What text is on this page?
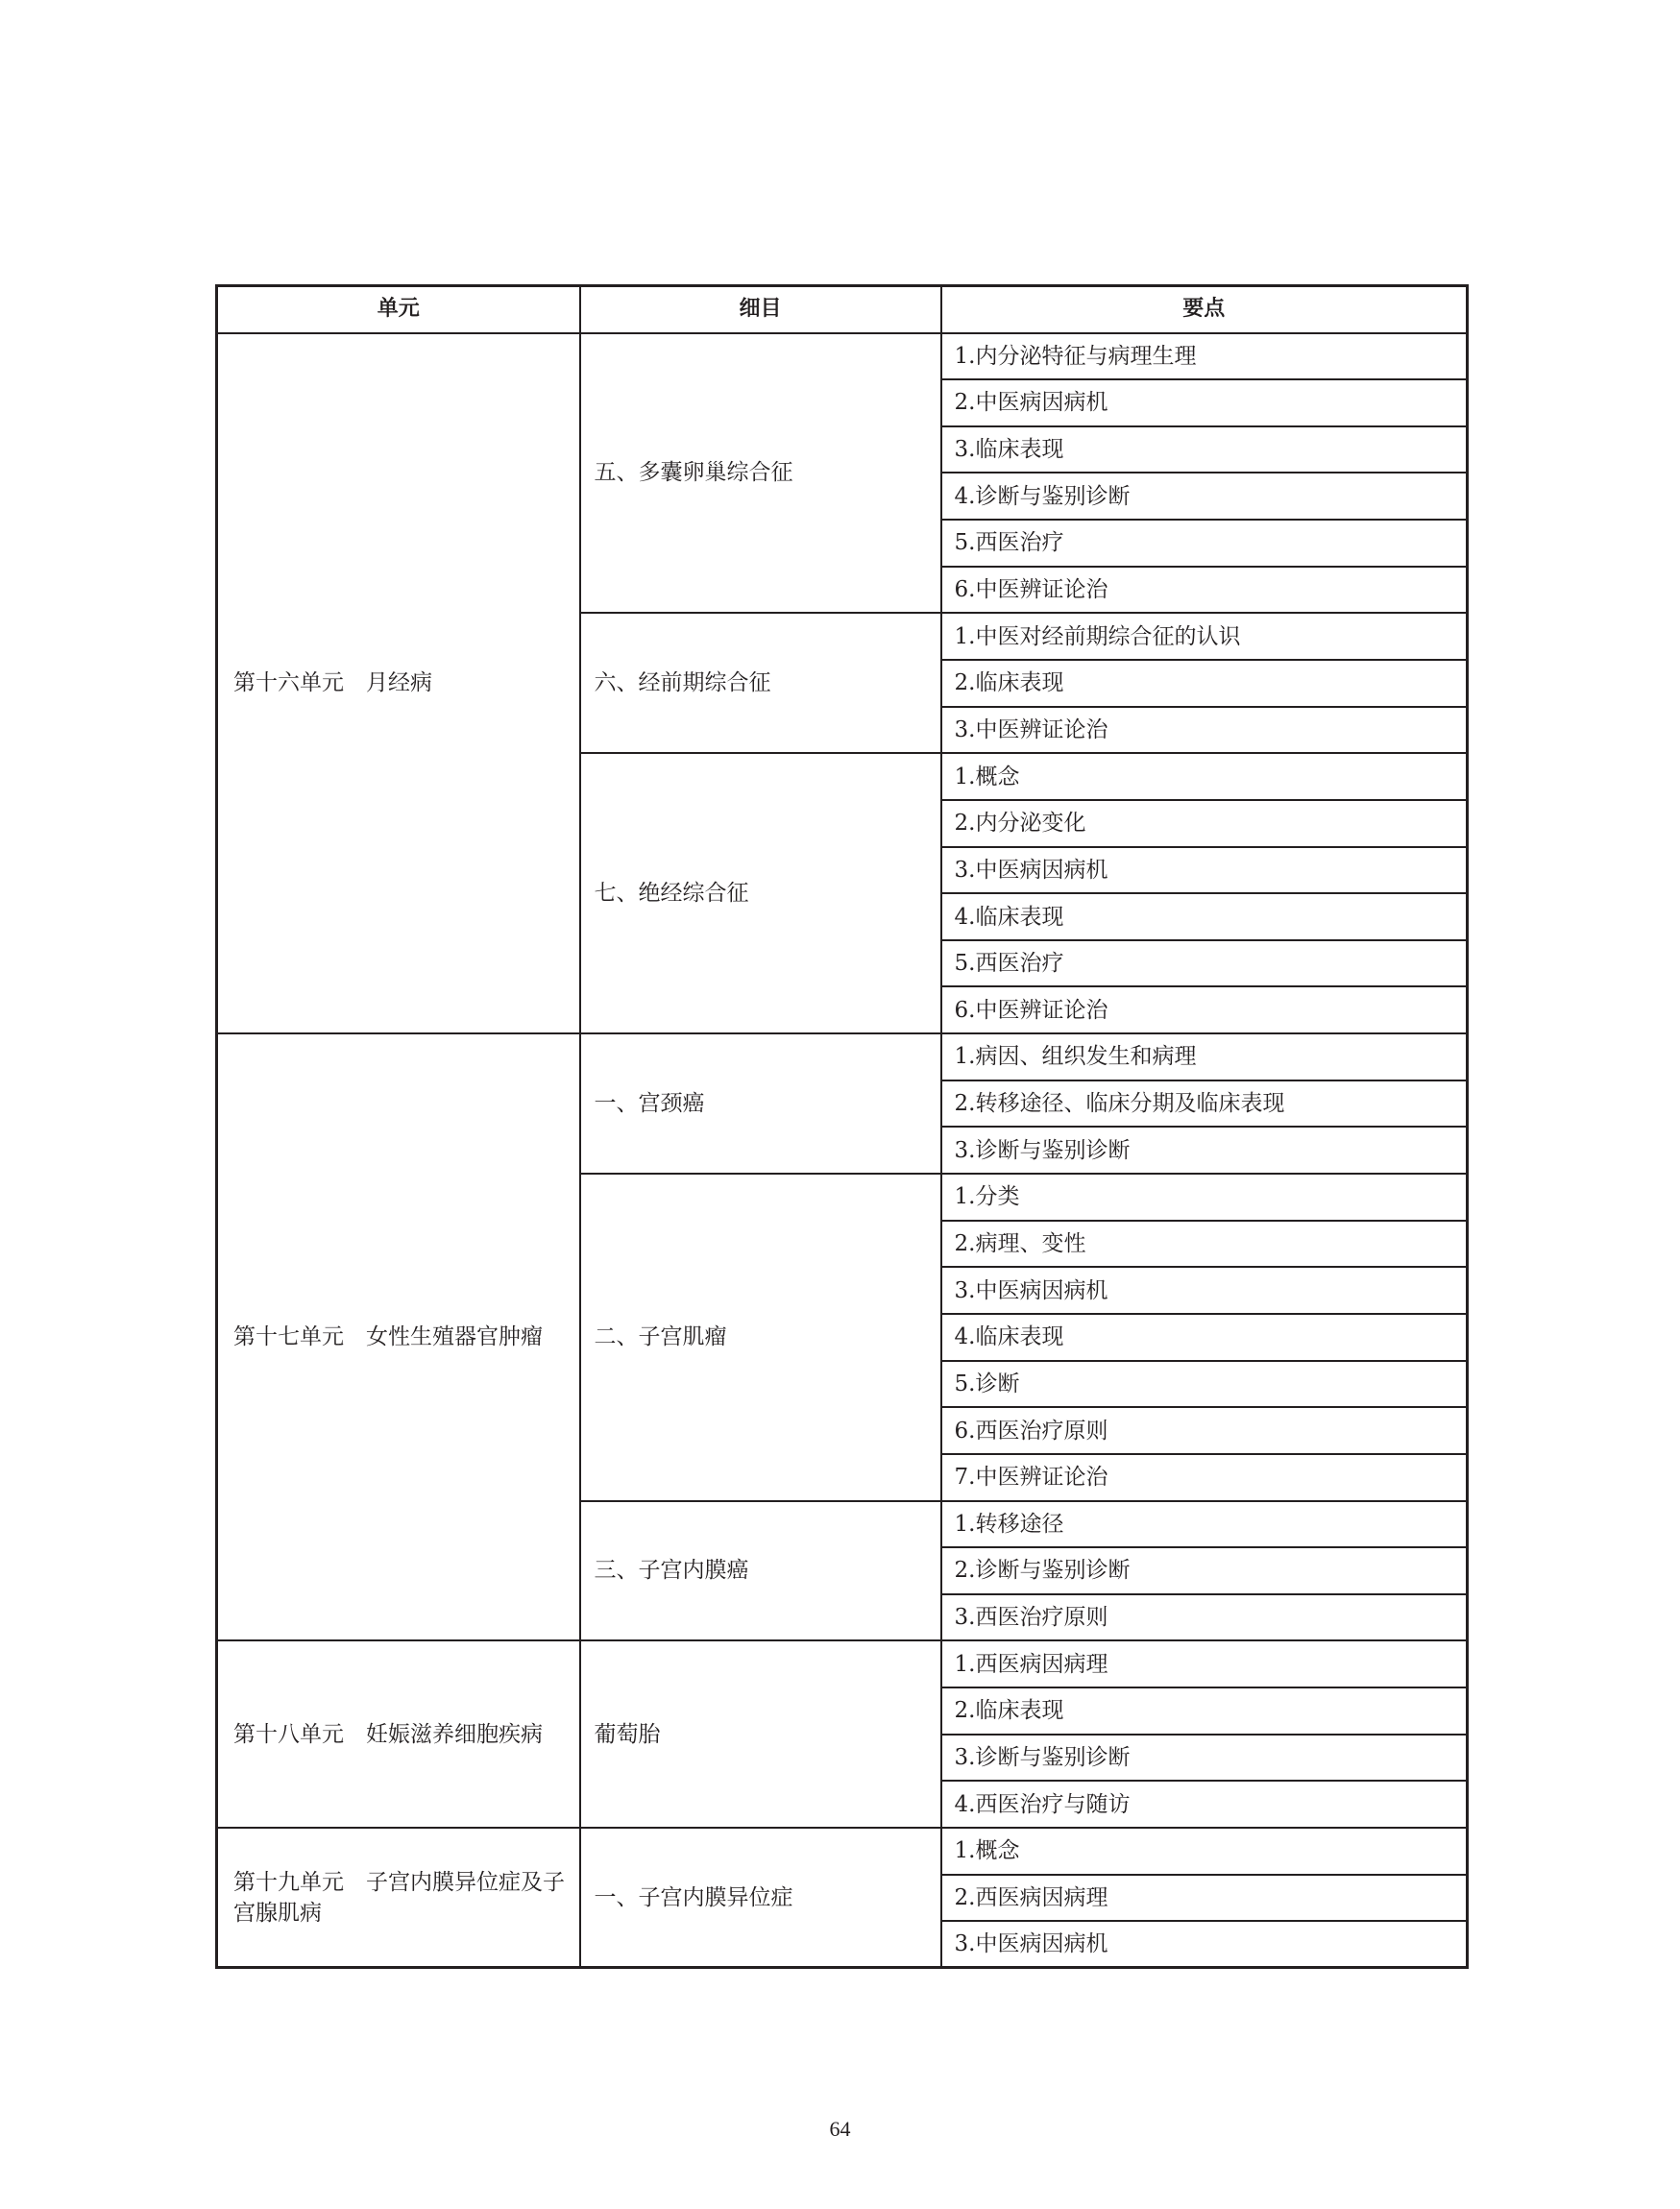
单元	细目	要点
第十六单元　月经病	五、多囊卵巢综合征	1.内分泌特征与病理生理
		2.中医病因病机
		3.临床表现
		4.诊断与鉴别诊断
		5.西医治疗
		6.中医辨证论治
	六、经前期综合征	1.中医对经前期综合征的认识
		2.临床表现
		3.中医辨证论治
	七、绝经综合征	1.概念
		2.内分泌变化
		3.中医病因病机
		4.临床表现
		5.西医治疗
		6.中医辨证论治
第十七单元　女性生殖器官肿瘤	一、宫颈癌	1.病因、组织发生和病理
		2.转移途径、临床分期及临床表现
		3.诊断与鉴别诊断
	二、子宫肌瘤	1.分类
		2.病理、变性
		3.中医病因病机
		4.临床表现
		5.诊断
		6.西医治疗原则
		7.中医辨证论治
	三、子宫内膜癌	1.转移途径
		2.诊断与鉴别诊断
		3.西医治疗原则
第十八单元　妊娠滋养细胞疾病	葡萄胎	1.西医病因病理
		2.临床表现
		3.诊断与鉴别诊断
		4.西医治疗与随访
第十九单元　子宫内膜异位症及子宫腺肌病	一、子宫内膜异位症	1.概念
		2.西医病因病理
		3.中医病因病机
64
